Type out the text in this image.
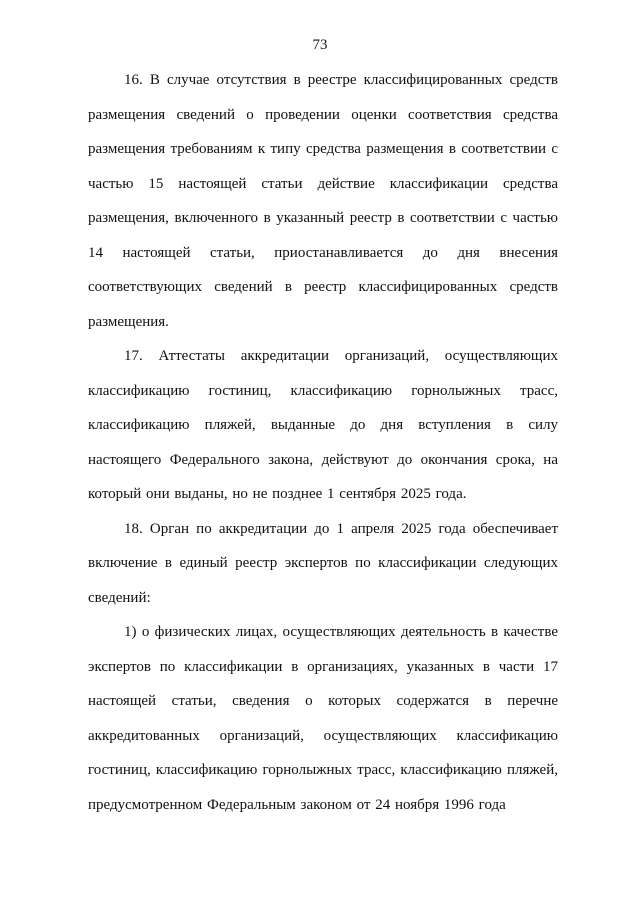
73

16. В случае отсутствия в реестре классифицированных средств размещения сведений о проведении оценки соответствия средства размещения требованиям к типу средства размещения в соответствии с частью 15 настоящей статьи действие классификации средства размещения, включенного в указанный реестр в соответствии с частью 14 настоящей статьи, приостанавливается до дня внесения соответствующих сведений в реестр классифицированных средств размещения.

17. Аттестаты аккредитации организаций, осуществляющих классификацию гостиниц, классификацию горнолыжных трасс, классификацию пляжей, выданные до дня вступления в силу настоящего Федерального закона, действуют до окончания срока, на который они выданы, но не позднее 1 сентября 2025 года.

18. Орган по аккредитации до 1 апреля 2025 года обеспечивает включение в единый реестр экспертов по классификации следующих сведений:

1) о физических лицах, осуществляющих деятельность в качестве экспертов по классификации в организациях, указанных в части 17 настоящей статьи, сведения о которых содержатся в перечне аккредитованных организаций, осуществляющих классификацию гостиниц, классификацию горнолыжных трасс, классификацию пляжей, предусмотренном Федеральным законом от 24 ноября 1996 года
